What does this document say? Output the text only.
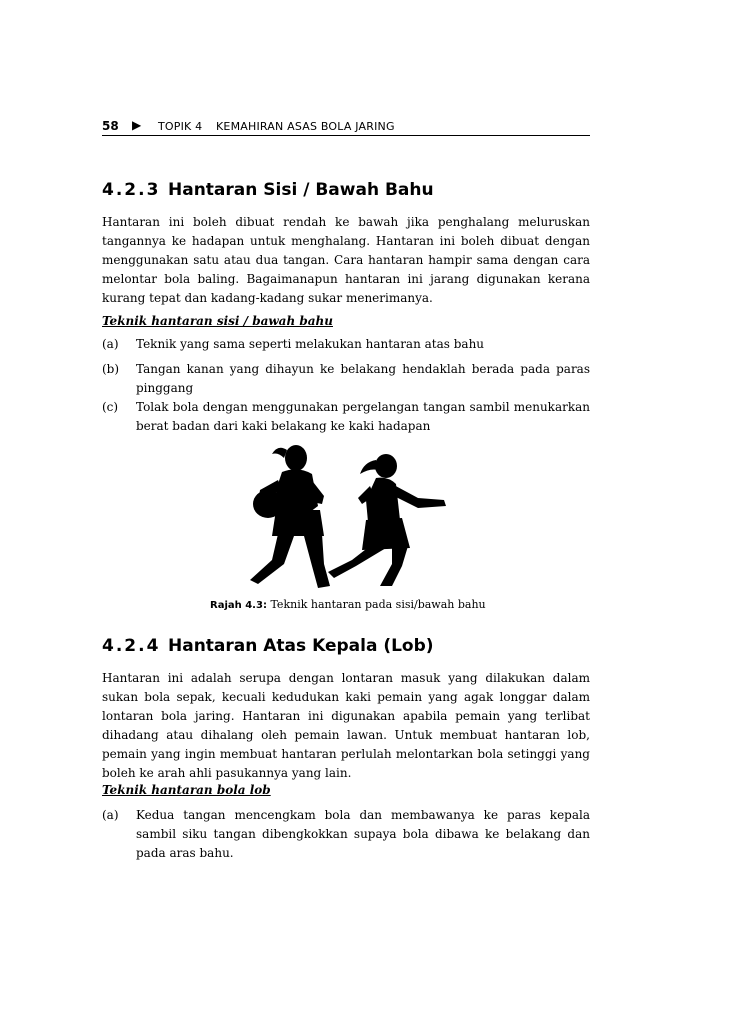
58 ▶ TOPIK 4 KEMAHIRAN ASAS BOLA JARING
4.2.3 Hantaran Sisi / Bawah Bahu
Hantaran ini boleh dibuat rendah ke bawah jika penghalang meluruskan tangannya ke hadapan untuk menghalang. Hantaran ini boleh dibuat dengan menggunakan satu atau dua tangan. Cara hantaran hampir sama dengan cara melontar bola baling. Bagaimanapun hantaran ini jarang digunakan kerana kurang tepat dan kadang-kadang sukar menerimanya.
Teknik hantaran sisi / bawah bahu
(a) Teknik yang sama seperti melakukan hantaran atas bahu
(b) Tangan kanan yang dihayun ke belakang hendaklah berada pada paras pinggang
(c) Tolak bola dengan menggunakan pergelangan tangan sambil menukarkan berat badan dari kaki belakang ke kaki hadapan
Rajah 4.3: Teknik hantaran pada sisi/bawah bahu
4.2.4 Hantaran Atas Kepala (Lob)
Hantaran ini adalah serupa dengan lontaran masuk yang dilakukan dalam sukan bola sepak, kecuali kedudukan kaki pemain yang agak longgar dalam lontaran bola jaring. Hantaran ini digunakan apabila pemain yang terlibat dihadang atau dihalang oleh pemain lawan. Untuk membuat hantaran lob, pemain yang ingin membuat hantaran perlulah melontarkan bola setinggi yang boleh ke arah ahli pasukannya yang lain.
Teknik hantaran bola lob
(a) Kedua tangan mencengkam bola dan membawanya ke paras kepala sambil siku tangan dibengkokkan supaya bola dibawa ke belakang dan pada aras bahu.
